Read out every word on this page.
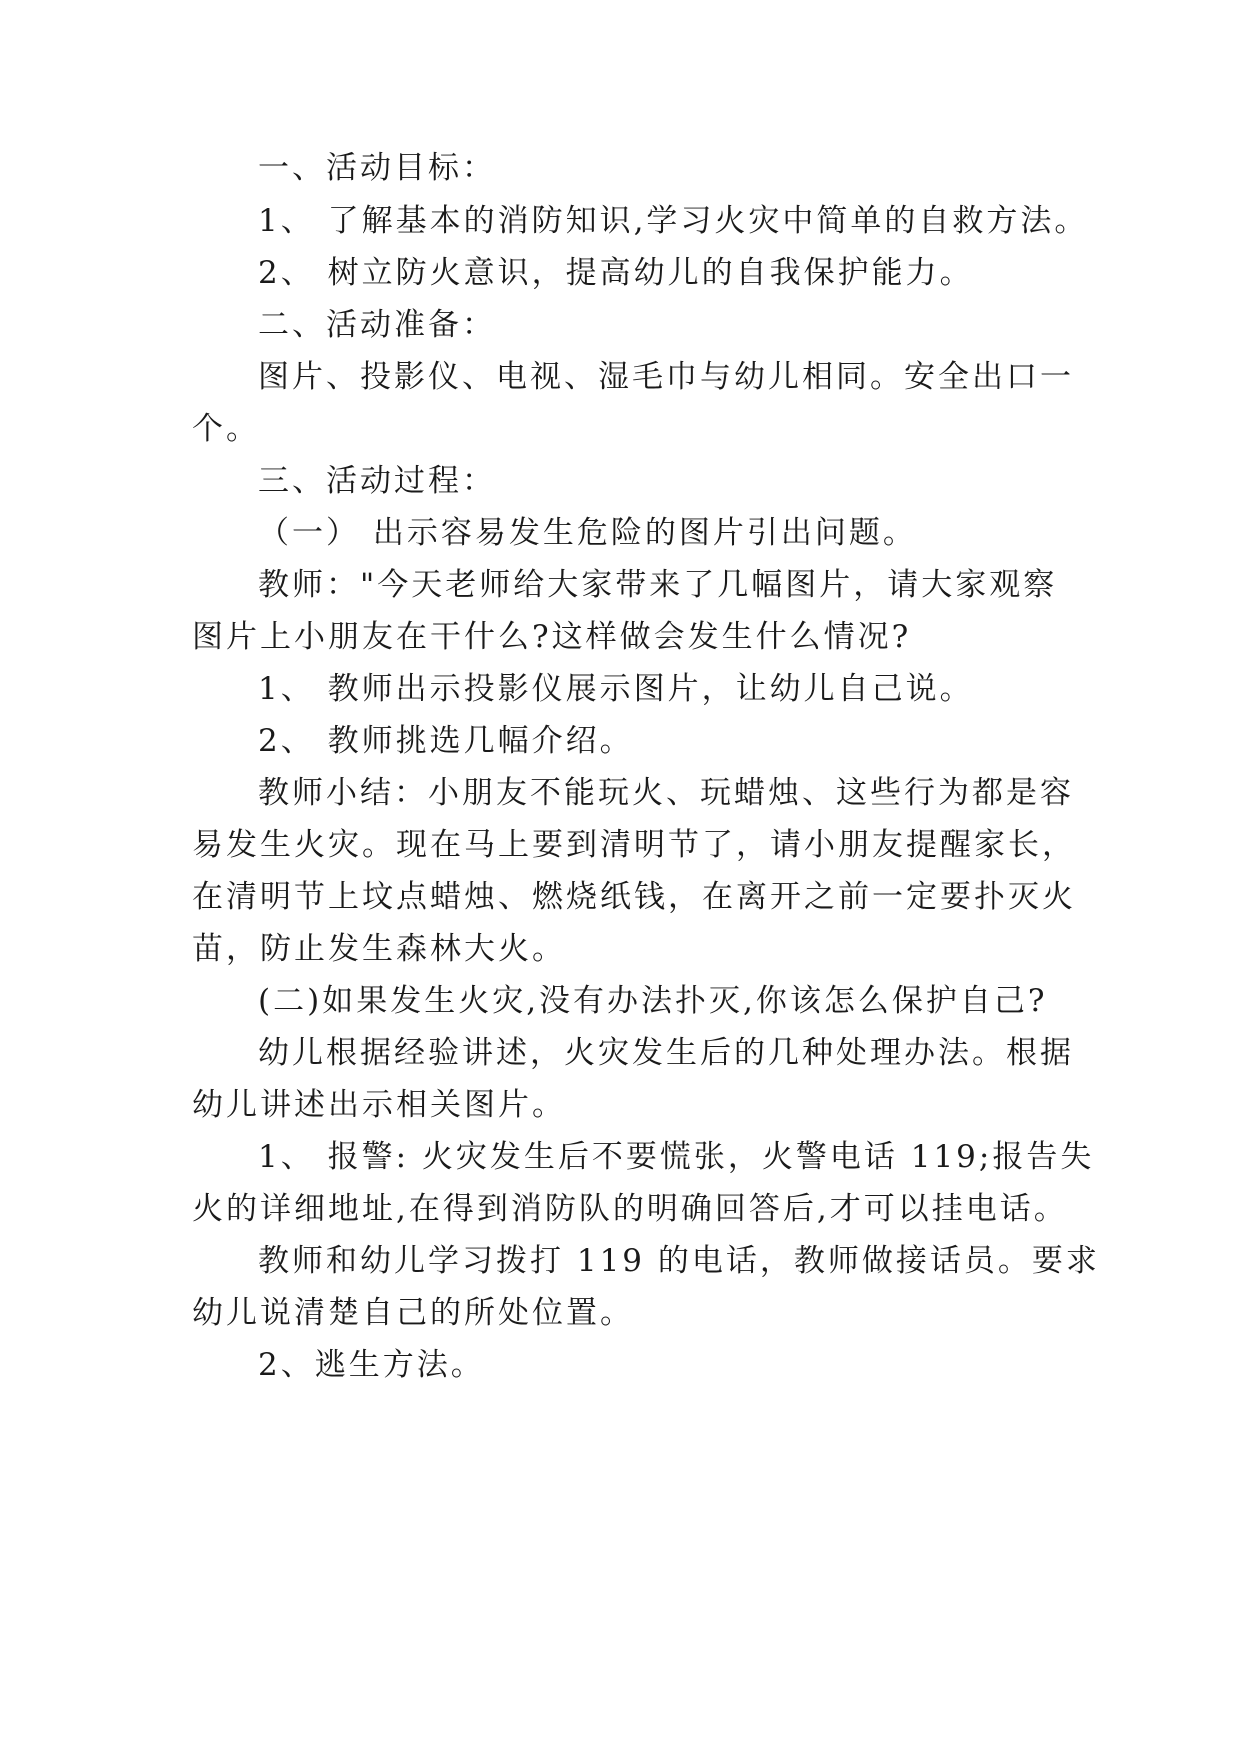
一、活动目标：
1、 了解基本的消防知识,学习火灾中简单的自救方法。
2、 树立防火意识，提高幼儿的自我保护能力。
二、活动准备：
图片、投影仪、电视、湿毛巾与幼儿相同。安全出口一
个。
三、活动过程：
（一） 出示容易发生危险的图片引出问题。
教师："今天老师给大家带来了几幅图片，请大家观察
图片上小朋友在干什么?这样做会发生什么情况?
1、 教师出示投影仪展示图片，让幼儿自己说。
2、 教师挑选几幅介绍。
教师小结：小朋友不能玩火、玩蜡烛、这些行为都是容
易发生火灾。现在马上要到清明节了，请小朋友提醒家长，
在清明节上坟点蜡烛、燃烧纸钱，在离开之前一定要扑灭火
苗，防止发生森林大火。
(二)如果发生火灾,没有办法扑灭,你该怎么保护自己?
幼儿根据经验讲述，火灾发生后的几种处理办法。根据
幼儿讲述出示相关图片。
1、 报警: 火灾发生后不要慌张，火警电话 119;报告失
火的详细地址,在得到消防队的明确回答后,才可以挂电话。
教师和幼儿学习拨打 119 的电话，教师做接话员。要求
幼儿说清楚自己的所处位置。
2、逃生方法。
